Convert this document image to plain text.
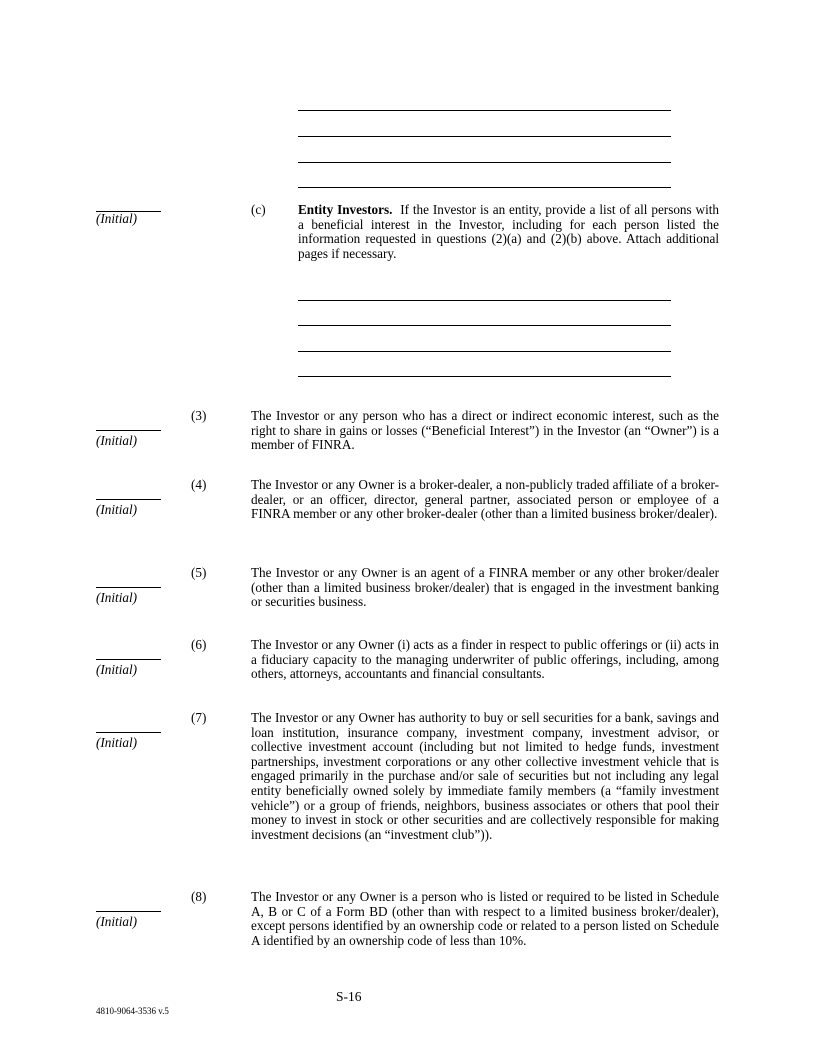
(Initial)
(c) Entity Investors. If the Investor is an entity, provide a list of all persons with a beneficial interest in the Investor, including for each person listed the information requested in questions (2)(a) and (2)(b) above. Attach additional pages if necessary.
(3)	The Investor or any person who has a direct or indirect economic interest, such as the right to share in gains or losses (“Beneficial Interest”) in the Investor (an “Owner”) is a member of FINRA.
(Initial)
(4)	The Investor or any Owner is a broker-dealer, a non-publicly traded affiliate of a broker-dealer, or an officer, director, general partner, associated person or employee of a FINRA member or any other broker-dealer (other than a limited business broker/dealer).
(Initial)
(5)	The Investor or any Owner is an agent of a FINRA member or any other broker/dealer (other than a limited business broker/dealer) that is engaged in the investment banking or securities business.
(Initial)
(6)	The Investor or any Owner (i) acts as a finder in respect to public offerings or (ii) acts in a fiduciary capacity to the managing underwriter of public offerings, including, among others, attorneys, accountants and financial consultants.
(Initial)
(7)	The Investor or any Owner has authority to buy or sell securities for a bank, savings and loan institution, insurance company, investment company, investment advisor, or collective investment account (including but not limited to hedge funds, investment partnerships, investment corporations or any other collective investment vehicle that is engaged primarily in the purchase and/or sale of securities but not including any legal entity beneficially owned solely by immediate family members (a “family investment vehicle”) or a group of friends, neighbors, business associates or others that pool their money to invest in stock or other securities and are collectively responsible for making investment decisions (an “investment club”)).
(Initial)
(8)	The Investor or any Owner is a person who is listed or required to be listed in Schedule A, B or C of a Form BD (other than with respect to a limited business broker/dealer), except persons identified by an ownership code or related to a person listed on Schedule A identified by an ownership code of less than 10%.
(Initial)
S-16
4810-9064-3536 v.5
